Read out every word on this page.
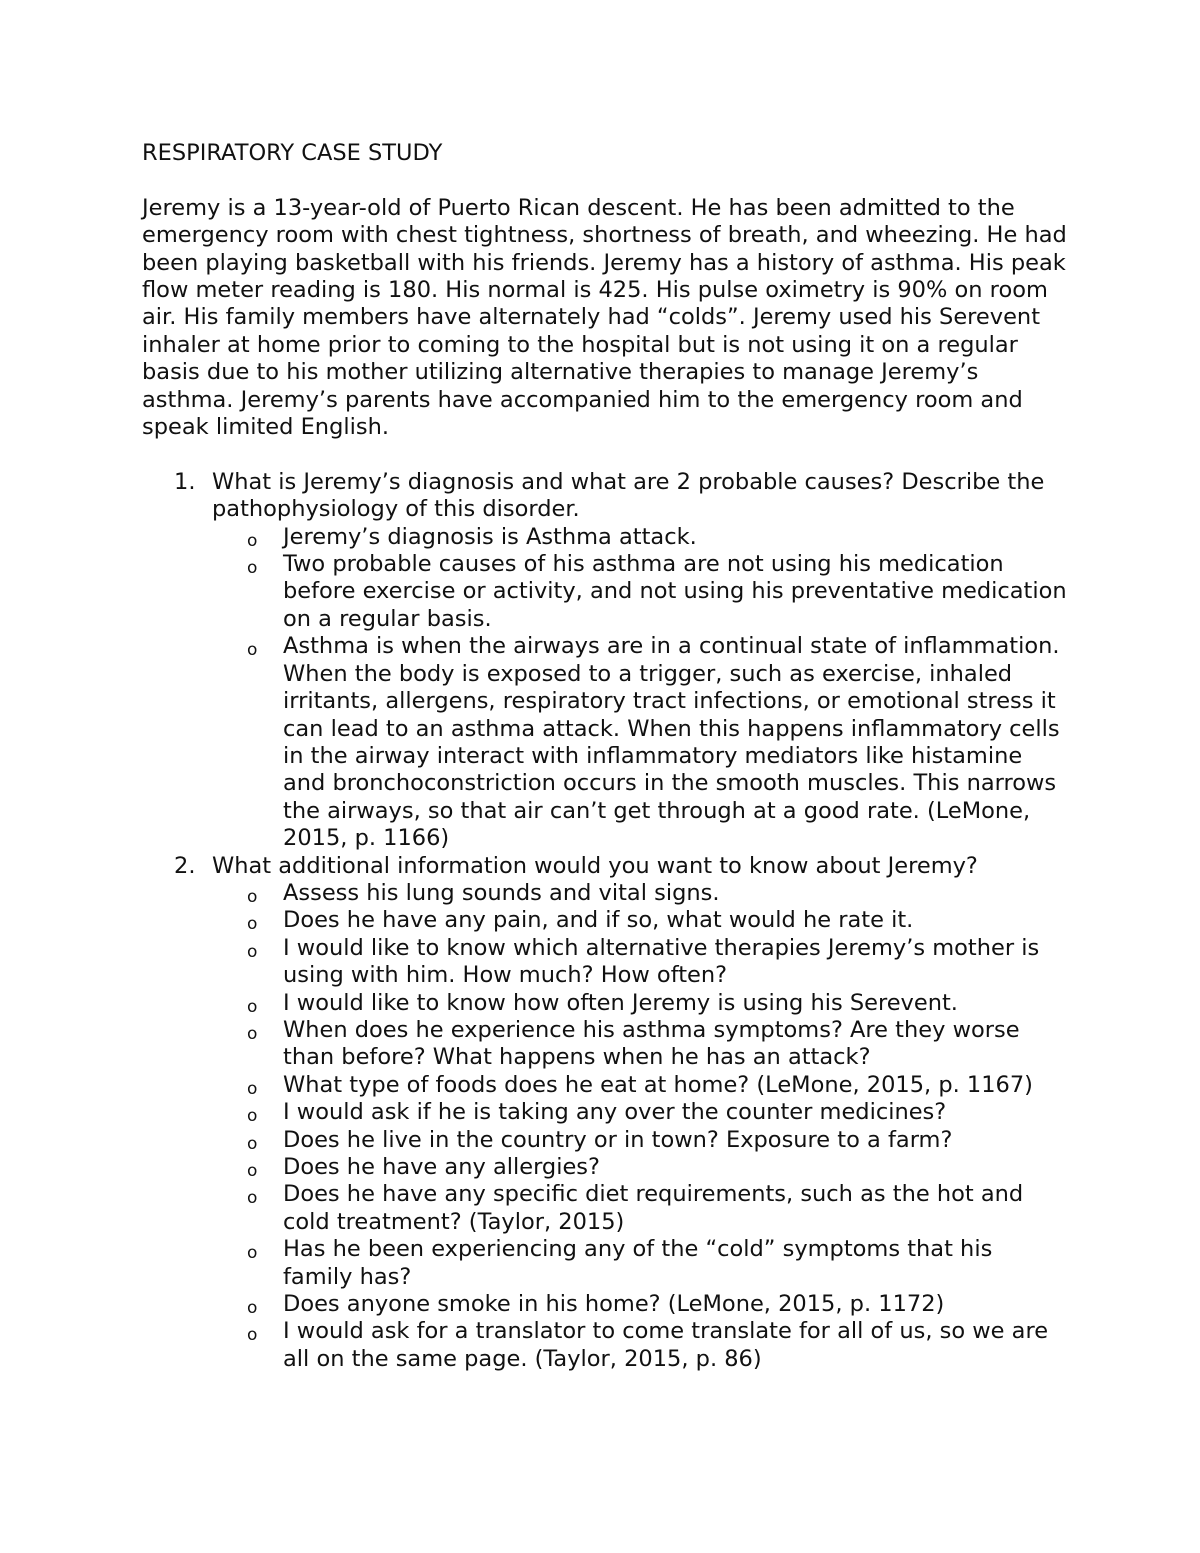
RESPIRATORY CASE STUDY

Jeremy is a 13-year-old of Puerto Rican descent. He has been admitted to the emergency room with chest tightness, shortness of breath, and wheezing. He had been playing basketball with his friends. Jeremy has a history of asthma. His peak flow meter reading is 180. His normal is 425. His pulse oximetry is 90% on room air. His family members have alternately had “colds”. Jeremy used his Serevent inhaler at home prior to coming to the hospital but is not using it on a regular basis due to his mother utilizing alternative therapies to manage Jeremy’s asthma. Jeremy’s parents have accompanied him to the emergency room and speak limited English.

1. What is Jeremy’s diagnosis and what are 2 probable causes? Describe the pathophysiology of this disorder.
o Jeremy’s diagnosis is Asthma attack.
o Two probable causes of his asthma are not using his medication before exercise or activity, and not using his preventative medication on a regular basis.
o Asthma is when the airways are in a continual state of inflammation. When the body is exposed to a trigger, such as exercise, inhaled irritants, allergens, respiratory tract infections, or emotional stress it can lead to an asthma attack. When this happens inflammatory cells in the airway interact with inflammatory mediators like histamine and bronchoconstriction occurs in the smooth muscles. This narrows the airways, so that air can’t get through at a good rate. (LeMone, 2015, p. 1166)
2. What additional information would you want to know about Jeremy?
o Assess his lung sounds and vital signs.
o Does he have any pain, and if so, what would he rate it.
o I would like to know which alternative therapies Jeremy’s mother is using with him. How much? How often?
o I would like to know how often Jeremy is using his Serevent.
o When does he experience his asthma symptoms? Are they worse than before? What happens when he has an attack?
o What type of foods does he eat at home? (LeMone, 2015, p. 1167)
o I would ask if he is taking any over the counter medicines?
o Does he live in the country or in town? Exposure to a farm?
o Does he have any allergies?
o Does he have any specific diet requirements, such as the hot and cold treatment? (Taylor, 2015)
o Has he been experiencing any of the “cold” symptoms that his family has?
o Does anyone smoke in his home? (LeMone, 2015, p. 1172)
o I would ask for a translator to come translate for all of us, so we are all on the same page. (Taylor, 2015, p. 86)
